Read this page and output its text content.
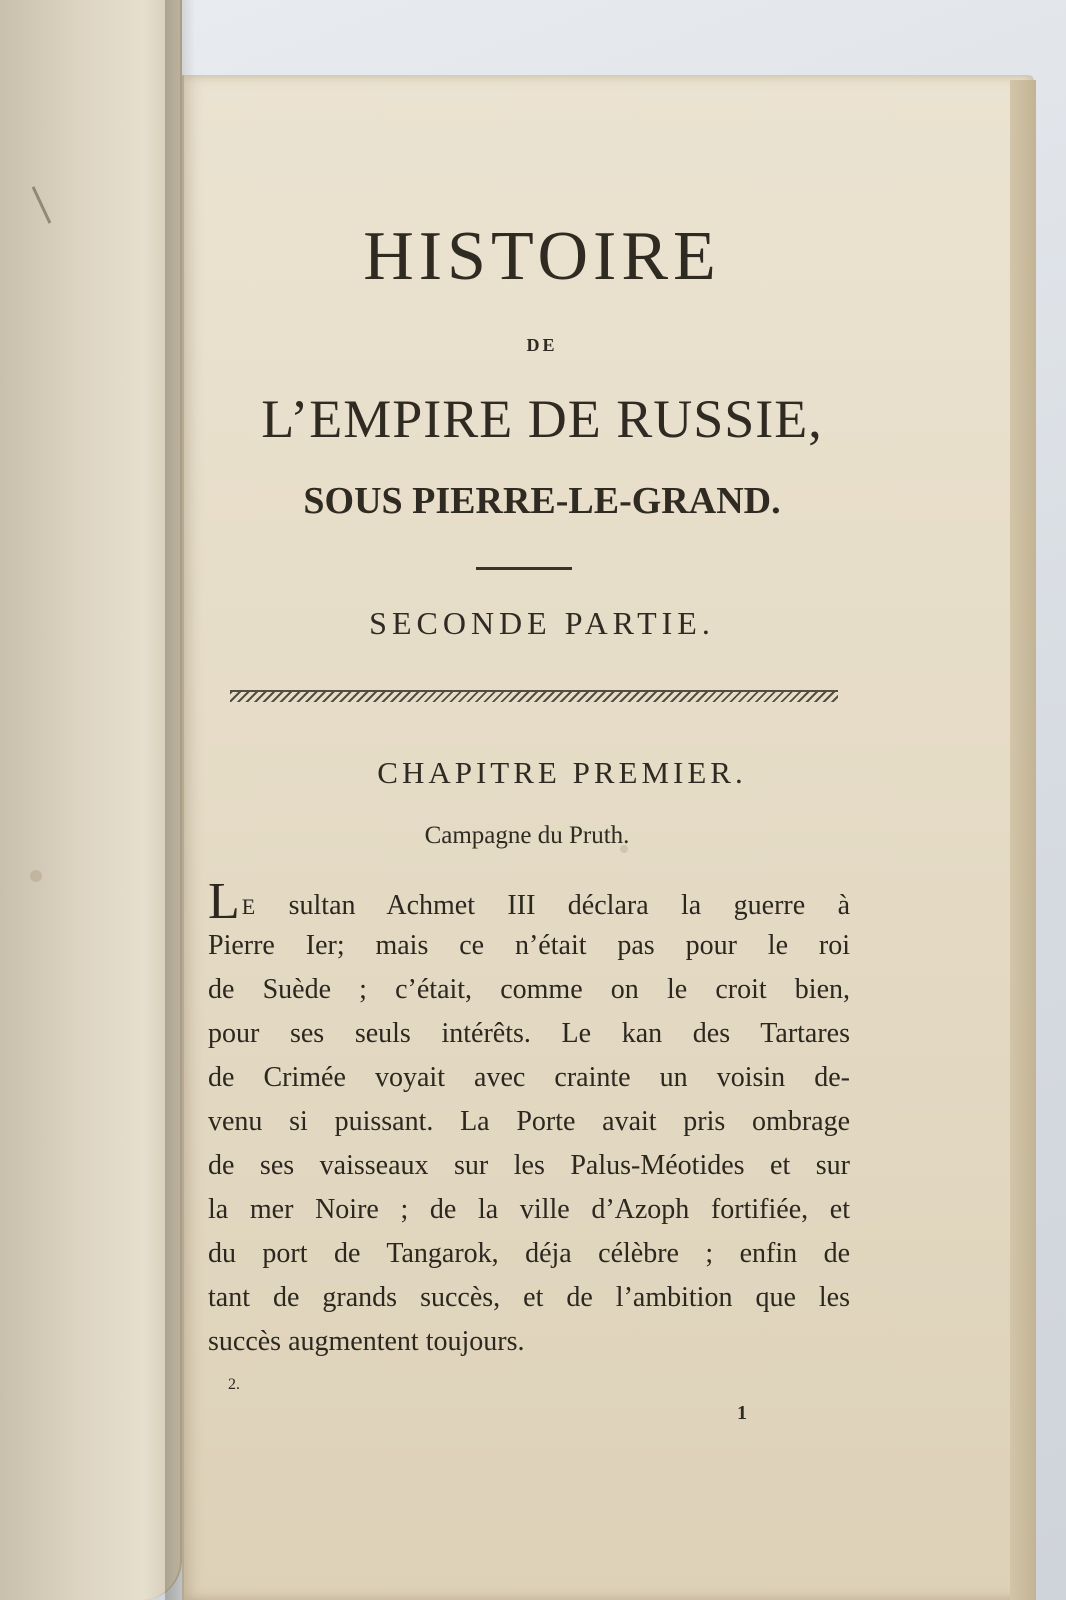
HISTOIRE
DE
L’EMPIRE DE RUSSIE,
SOUS PIERRE-LE-GRAND.
SECONDE PARTIE.
CHAPITRE PREMIER.
Campagne du Pruth.
LE sultan Achmet III déclara la guerre à
Pierre Ier; mais ce n’était pas pour le roi
de Suède ; c’était, comme on le croit bien,
pour ses seuls intérêts. Le kan des Tartares
de Crimée voyait avec crainte un voisin de-
venu si puissant. La Porte avait pris ombrage
de ses vaisseaux sur les Palus-Méotides et sur
la mer Noire ; de la ville d’Azoph fortifiée, et
du port de Tangarok, déja célèbre ; enfin de
tant de grands succès, et de l’ambition que les
succès augmentent toujours.
2.
1
